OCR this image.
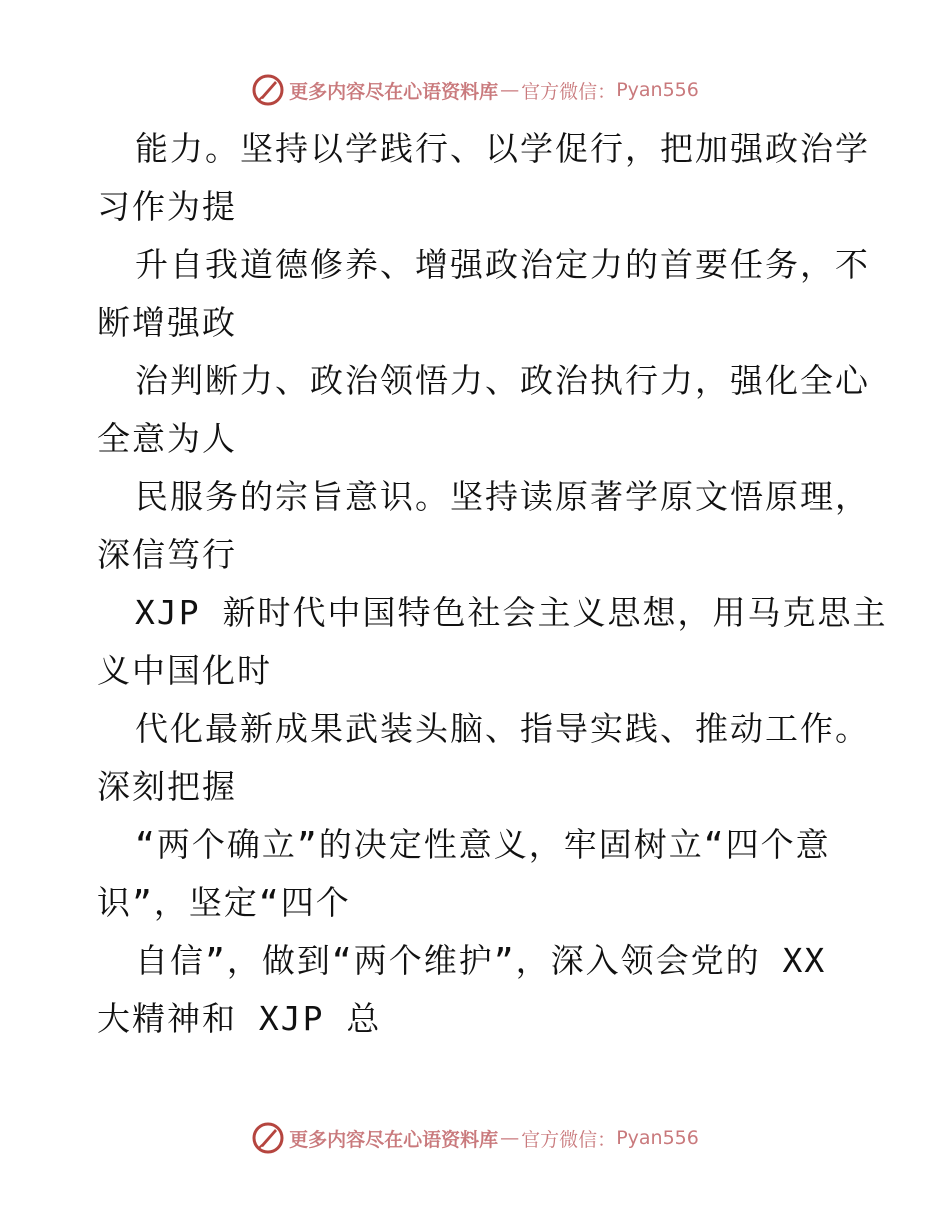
更多内容尽在心语资料库 — 官方微信： Pyan556
能力。坚持以学践行、以学促行，把加强政治学
习作为提
升自我道德修养、增强政治定力的首要任务，不
断增强政
治判断力、政治领悟力、政治执行力，强化全心
全意为人
民服务的宗旨意识。坚持读原著学原文悟原理，
深信笃行
XJP 新时代中国特色社会主义思想，用马克思主
义中国化时
代化最新成果武装头脑、指导实践、推动工作。
深刻把握
“两个确立”的决定性意义，牢固树立“四个意
识”，坚定“四个
自信”，做到“两个维护”，深入领会党的 XX
大精神和 XJP 总
更多内容尽在心语资料库 — 官方微信： Pyan556
